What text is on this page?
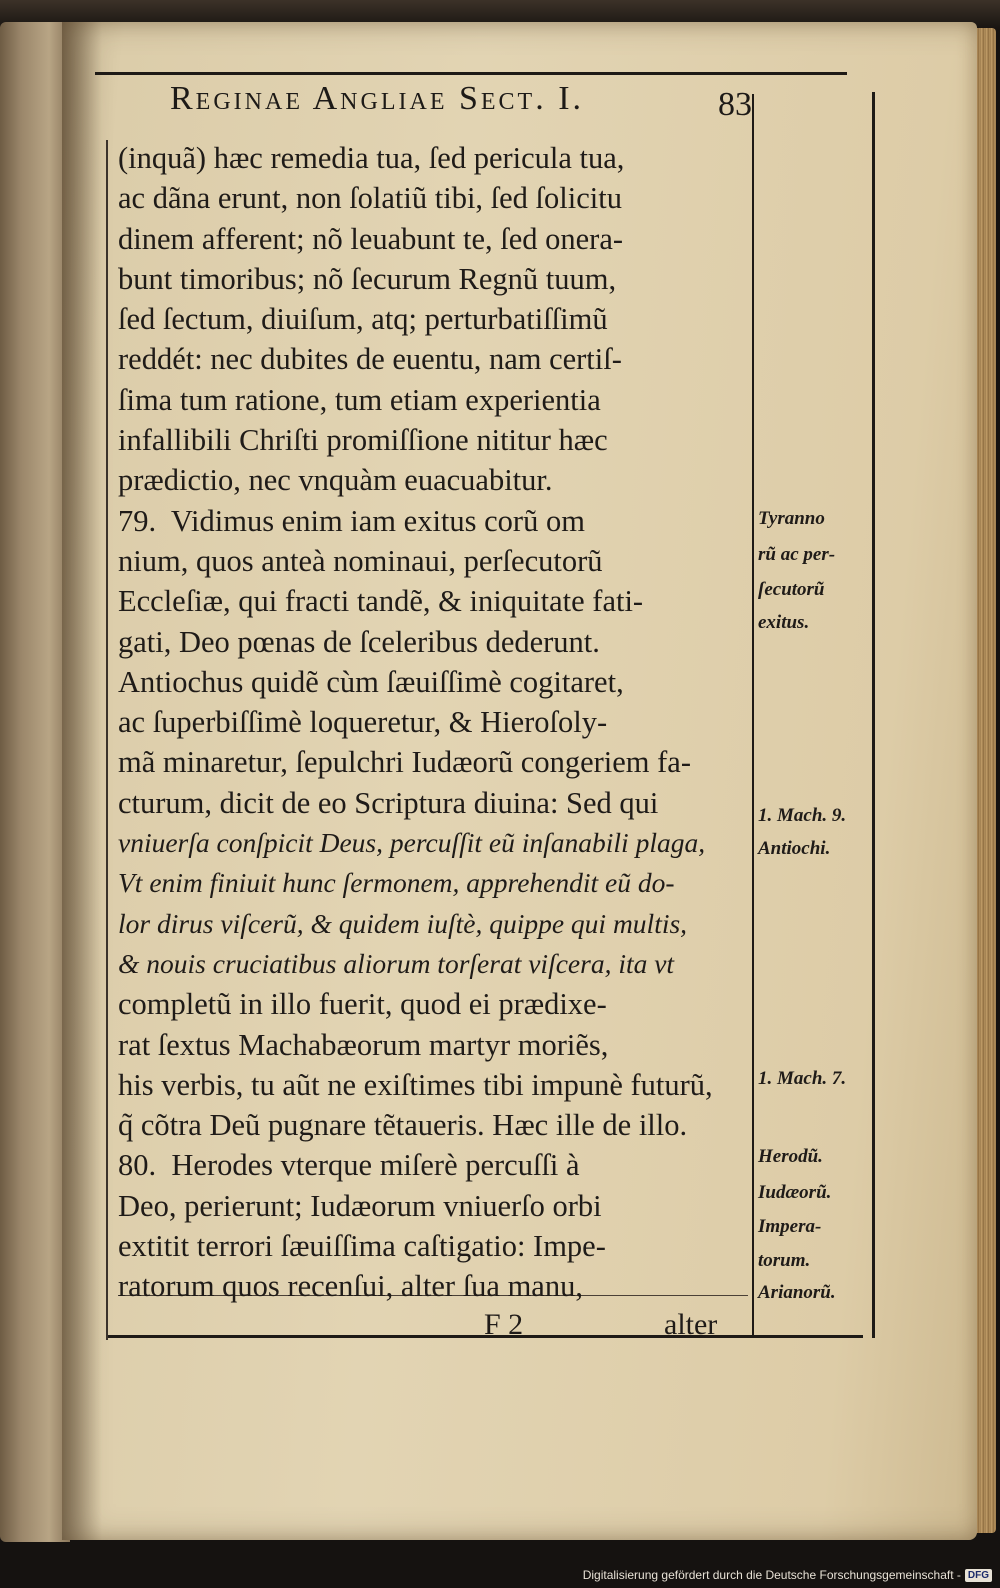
Reginae Angliae Sect. I.	83
(inquã) hæc remedia tua, ſed pericula tua,
ac dãna erunt, non ſolatiũ tibi, ſed ſolicitu
dinem afferent; nõ leuabunt te, ſed onera-
bunt timoribus; nõ ſecurum Regnũ tuum,
ſed ſectum, diuiſum, atq; perturbatiſſimũ
reddét: nec dubites de euentu, nam certiſ-
ſima tum ratione, tum etiam experientia
infallibili Chriſti promiſſione nititur hæc
prædictio, nec vnquàm euacuabitur.
79.  Vidimus enim iam exitus corũ om
nium, quos anteà nominaui, perſecutorũ
Eccleſiæ, qui fracti tandẽ, & iniquitate fati-
gati, Deo pœnas de ſceleribus dederunt.
Antiochus quidẽ cùm ſæuiſſimè cogitaret,
ac ſuperbiſſimè loqueretur, & Hieroſoly-
mã minaretur, ſepulchri Iudæorũ congeriem fa-
cturum, dicit de eo Scriptura diuina: Sed qui
vniuerſa conſpicit Deus, percuſſit eũ inſanabili plaga,
Vt enim finiuit hunc ſermonem, apprehendit eũ do-
lor dirus viſcerũ, & quidem iuſtè, quippe qui multis,
& nouis cruciatibus aliorum torſerat viſcera, ita vt
completũ in illo fuerit, quod ei prædixe-
rat ſextus Machabæorum martyr moriẽs,
his verbis, tu aũt ne exiſtimes tibi impunè futurũ,
q̃ cõtra Deũ pugnare tẽtaueris. Hæc ille de illo.
80.  Herodes vterque miſerè percuſſi à
Deo, perierunt; Iudæorum vniuerſo orbi
extitit terrori ſæuiſſima caſtigatio: Impe-
ratorum quos recenſui, alter ſua manu,
Tyranno
rũ ac per-
ſecutorũ
exitus.
1. Mach. 9.
Antiochi.
1. Mach. 7.
Herodũ.
Iudæorũ.
Impera-
torum.
Arianorũ.
F 2	alter
Digitalisierung gefördert durch die Deutsche Forschungsgemeinschaft - DFG
